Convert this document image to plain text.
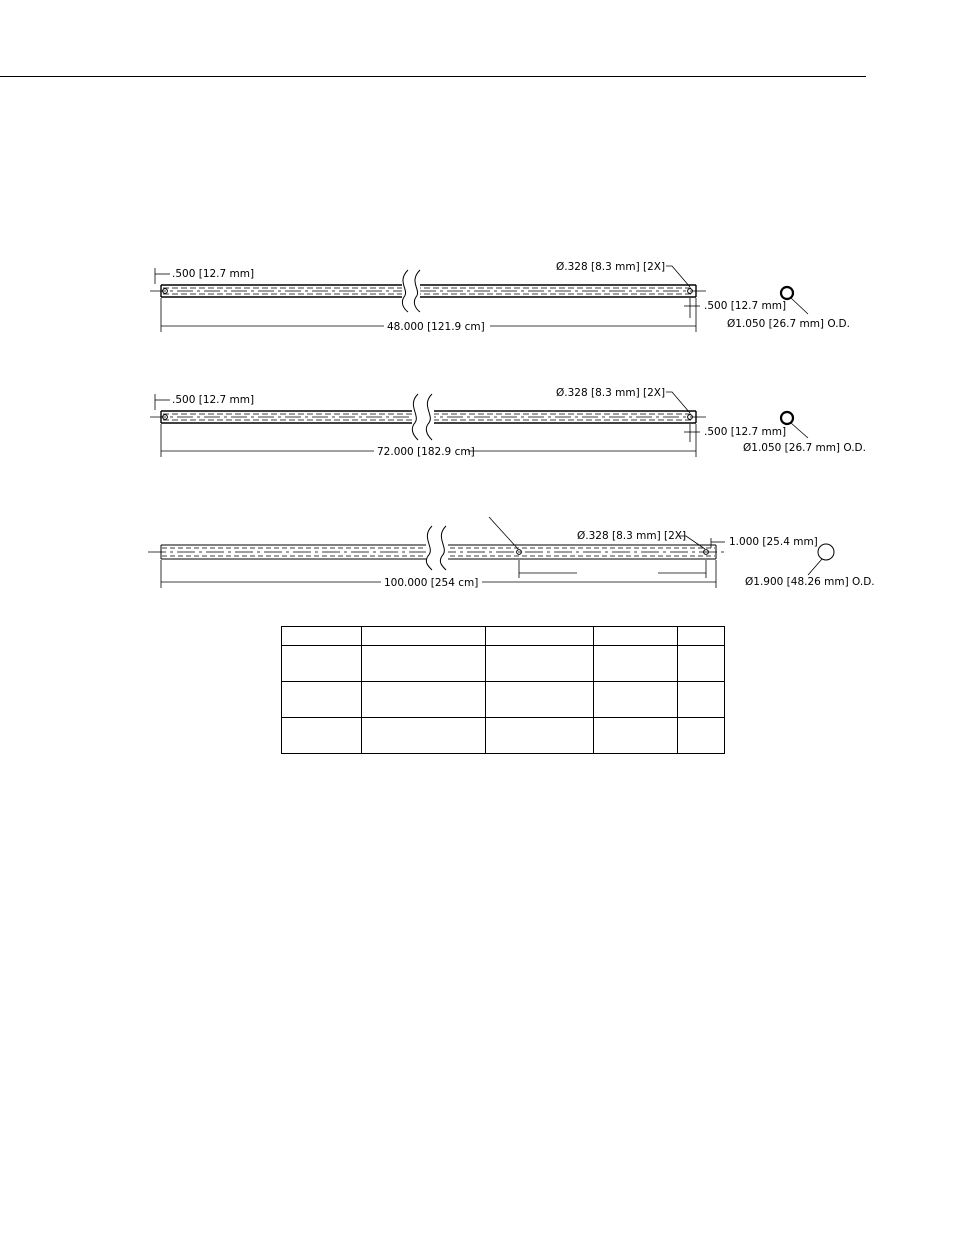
.500 [12.7 mm]
Ø.328 [8.3 mm] [2X]
.500 [12.7 mm]
48.000 [121.9 cm]	Ø1.050 [26.7 mm] O.D.
.500 [12.7 mm]
Ø.328 [8.3 mm] [2X]
.500 [12.7 mm]
72.000 [182.9 cm]	Ø1.050 [26.7 mm] O.D.
Ø.328 [8.3 mm] [2X]	1.000 [25.4 mm]
100.000 [254 cm]	Ø1.900 [48.26 mm] O.D.
